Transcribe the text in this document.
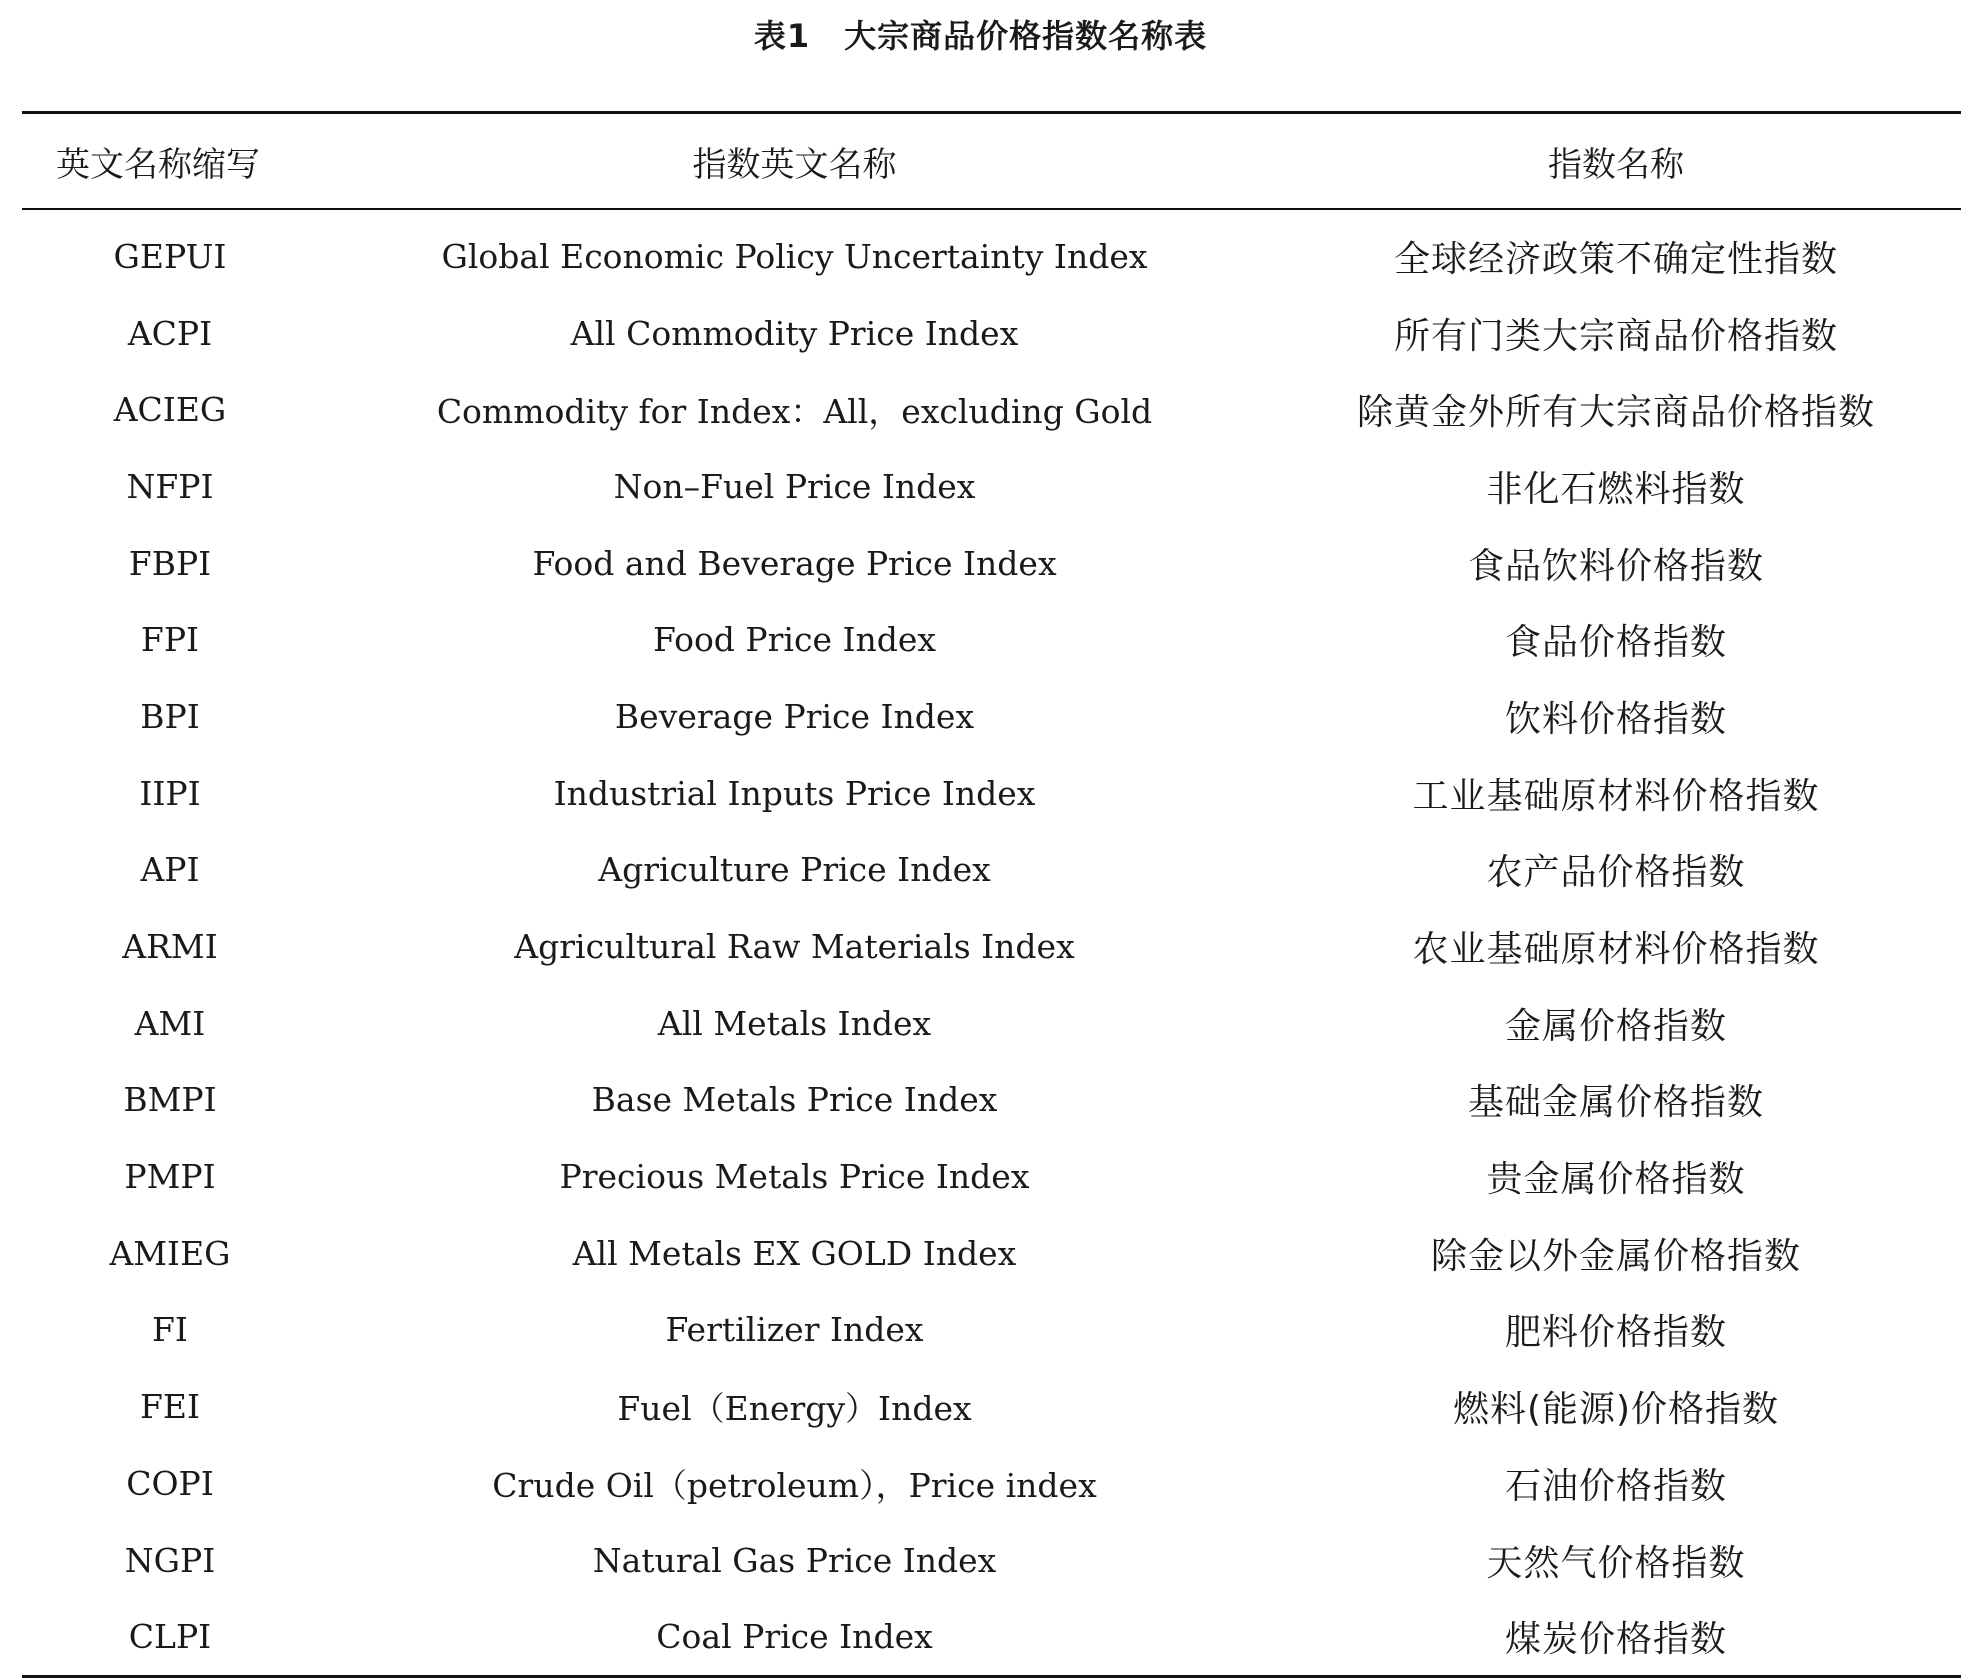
表1 大宗商品价格指数名称表
英文名称缩写	指数英文名称	指数名称
GEPUI	Global Economic Policy Uncertainty Index	全球经济政策不确定性指数
ACPI	All Commodity Price Index	所有门类大宗商品价格指数
ACIEG	Commodity for Index：All，excluding Gold	除黄金外所有大宗商品价格指数
NFPI	Non–Fuel Price Index	非化石燃料指数
FBPI	Food and Beverage Price Index	食品饮料价格指数
FPI	Food Price Index	食品价格指数
BPI	Beverage Price Index	饮料价格指数
IIPI	Industrial Inputs Price Index	工业基础原材料价格指数
API	Agriculture Price Index	农产品价格指数
ARMI	Agricultural Raw Materials Index	农业基础原材料价格指数
AMI	All Metals Index	金属价格指数
BMPI	Base Metals Price Index	基础金属价格指数
PMPI	Precious Metals Price Index	贵金属价格指数
AMIEG	All Metals EX GOLD Index	除金以外金属价格指数
FI	Fertilizer Index	肥料价格指数
FEI	Fuel（Energy）Index	燃料(能源)价格指数
COPI	Crude Oil（petroleum），Price index	石油价格指数
NGPI	Natural Gas Price Index	天然气价格指数
CLPI	Coal Price Index	煤炭价格指数
